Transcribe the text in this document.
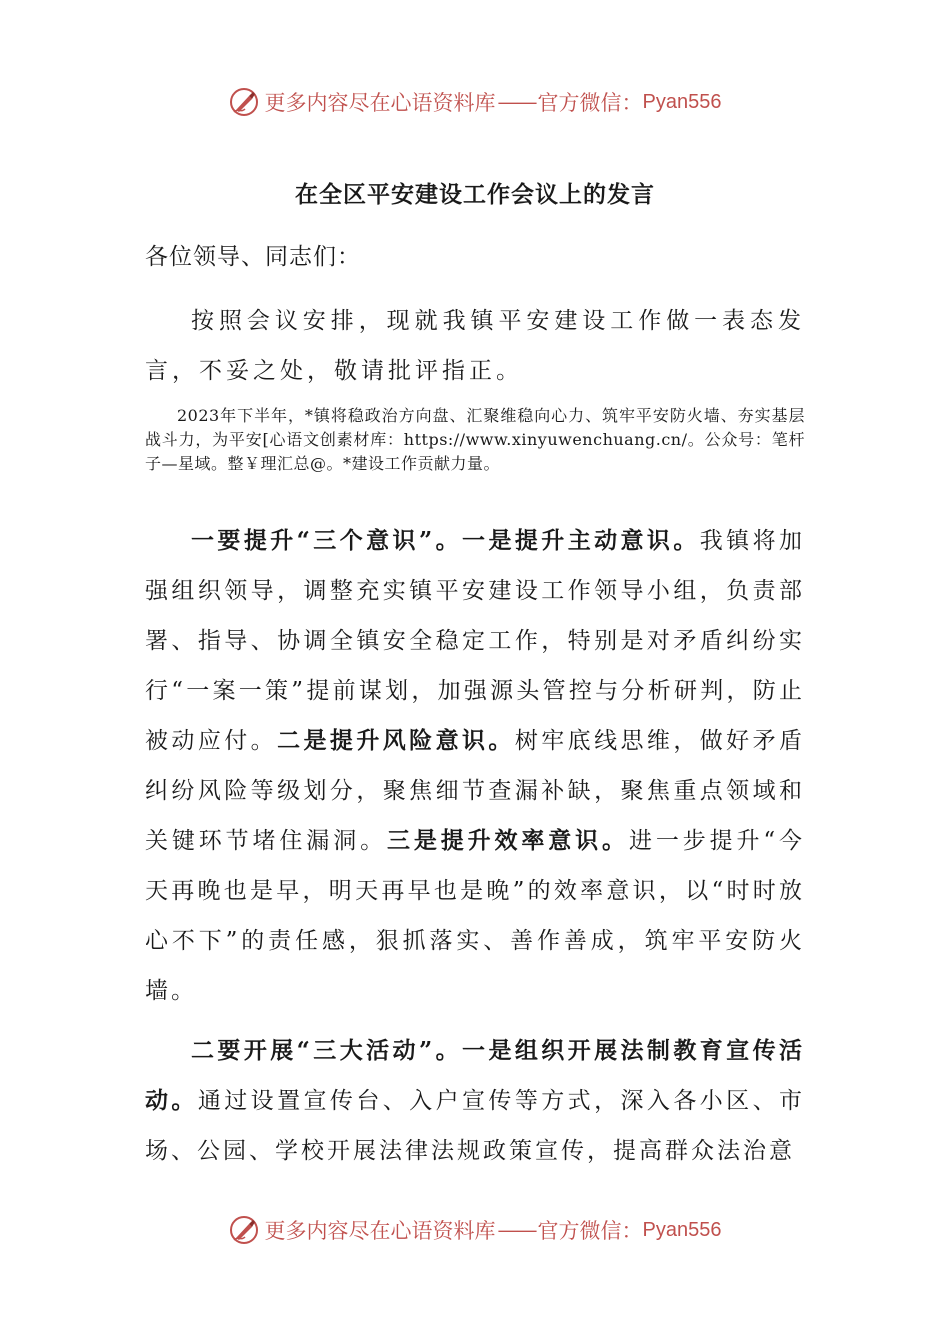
更多内容尽在心语资料库 —— 官方微信： Pyan556
在全区平安建设工作会议上的发言

各位领导、同志们：

按照会议安排，现就我镇平安建设工作做一表态发言，不妥之处，敬请批评指正。

2023年下半年，*镇将稳政治方向盘、汇聚维稳向心力、筑牢平安防火墙、夯实基层战斗力，为平安[心语文创素材库：https://www.xinyuwenchuang.cn/。公众号：笔杆子—星域。整￥理汇总@。*建设工作贡献力量。

一要提升“三个意识”。一是提升主动意识。我镇将加强组织领导，调整充实镇平安建设工作领导小组，负责部署、指导、协调全镇安全稳定工作，特别是对矛盾纠纷实行“一案一策”提前谋划，加强源头管控与分析研判，防止被动应付。二是提升风险意识。树牢底线思维，做好矛盾纠纷风险等级划分，聚焦细节查漏补缺，聚焦重点领域和关键环节堵住漏洞。三是提升效率意识。进一步提升“今天再晚也是早，明天再早也是晚”的效率意识，以“时时放心不下”的责任感，狠抓落实、善作善成，筑牢平安防火墙。

二要开展“三大活动”。一是组织开展法制教育宣传活动。通过设置宣传台、入户宣传等方式，深入各小区、市场、公园、学校开展法律法规政策宣传，提高群众法治意

更多内容尽在心语资料库 —— 官方微信： Pyan556
